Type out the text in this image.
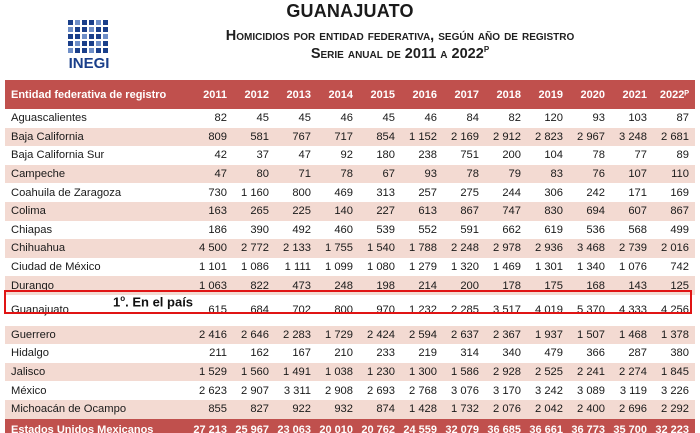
GUANAJUATO
INEGI
Homicidios por entidad federativa, según año de registro
Serie anual de 2011 a $2022^P$
Entidad federativa de registro	2011	2012	2013	2014	2015	2016	2017	2018	2019	2020	2021	2022ᴾ
Aguascalientes	82	45	45	46	45	46	84	82	120	93	103	87
Baja California	809	581	767	717	854	1 152	2 169	2 912	2 823	2 967	3 248	2 681
Baja California Sur	42	37	47	92	180	238	751	200	104	78	77	89
Campeche	47	80	71	78	67	93	78	79	83	76	107	110
Coahuila de Zaragoza	730	1 160	800	469	313	257	275	244	306	242	171	169
Colima	163	265	225	140	227	613	867	747	830	694	607	867
Chiapas	186	390	492	460	539	552	591	662	619	536	568	499
Chihuahua	4 500	2 772	2 133	1 755	1 540	1 788	2 248	2 978	2 936	3 468	2 739	2 016
Ciudad de México	1 101	1 086	1 111	1 099	1 080	1 279	1 320	1 469	1 301	1 340	1 076	742
Durango	1 063	822	473	248	198	214	200	178	175	168	143	125

Guanajuato	615	684	702	800	970	1 232	2 285	3 517	4 019	5 370	4 333	4 256

Guerrero	2 416	2 646	2 283	1 729	2 424	2 594	2 637	2 367	1 937	1 507	1 468	1 378
Hidalgo	211	162	167	210	233	219	314	340	479	366	287	380
Jalisco	1 529	1 560	1 491	1 038	1 230	1 300	1 586	2 928	2 525	2 241	2 274	1 845
México	2 623	2 907	3 311	2 908	2 693	2 768	3 076	3 170	3 242	3 089	3 119	3 226
Michoacán de Ocampo	855	827	922	932	874	1 428	1 732	2 076	2 042	2 400	2 696	2 292
Estados Unidos Mexicanos	27 213	25 967	23 063	20 010	20 762	24 559	32 079	36 685	36 661	36 773	35 700	32 223
1$^o$. En el país
